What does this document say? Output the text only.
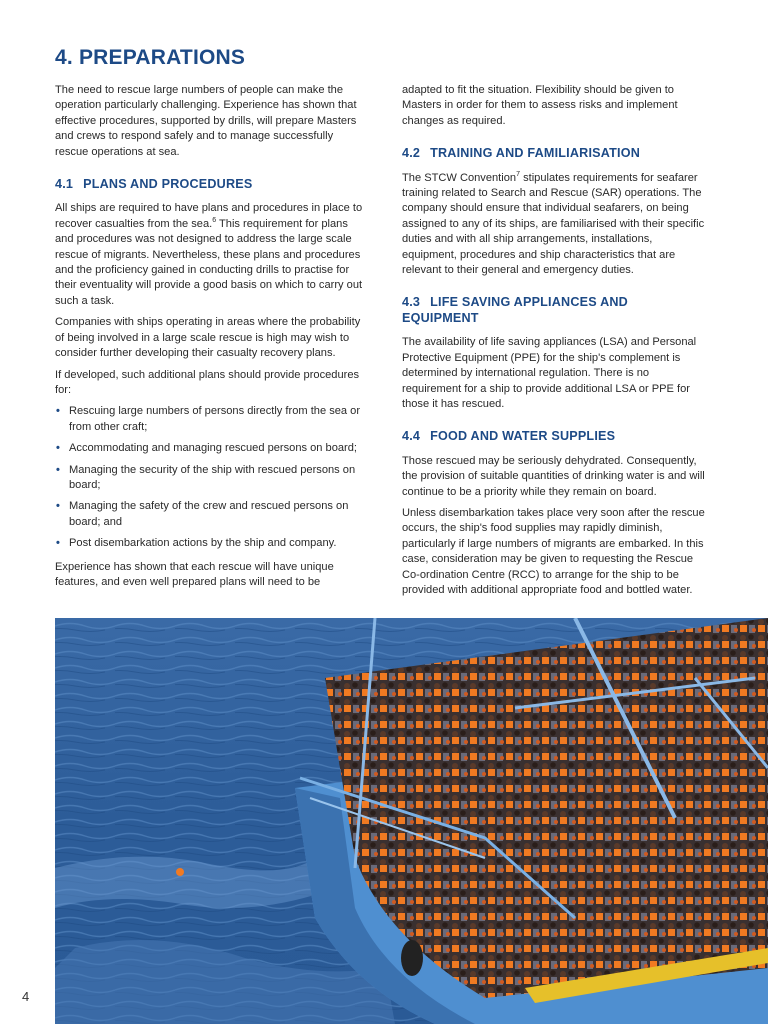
4. PREPARATIONS

The need to rescue large numbers of people can make the operation particularly challenging. Experience has shown that effective procedures, supported by drills, will prepare Masters and crews to respond safely and to manage successfully rescue operations at sea.

4.1 PLANS AND PROCEDURES

All ships are required to have plans and procedures in place to recover casualties from the sea.$^6$ This requirement for plans and procedures was not designed to address the large scale rescue of migrants. Nevertheless, these plans and procedures and the proficiency gained in conducting drills to practise for their eventuality will provide a good basis on which to carry out such a task.

Companies with ships operating in areas where the probability of being involved in a large scale rescue is high may wish to consider further developing their casualty recovery plans.

If developed, such additional plans should provide procedures for:

• Rescuing large numbers of persons directly from the sea or from other craft;
• Accommodating and managing rescued persons on board;
• Managing the security of the ship with rescued persons on board;
• Managing the safety of the crew and rescued persons on board; and
• Post disembarkation actions by the ship and company.

Experience has shown that each rescue will have unique features, and even well prepared plans will need to be

adapted to fit the situation. Flexibility should be given to Masters in order for them to assess risks and implement changes as required.

4.2 TRAINING AND FAMILIARISATION

The STCW Convention$^7$ stipulates requirements for seafarer training related to Search and Rescue (SAR) operations. The company should ensure that individual seafarers, on being assigned to any of its ships, are familiarised with their specific duties and with all ship arrangements, installations, equipment, procedures and ship characteristics that are relevant to their general and emergency duties.

4.3 LIFE SAVING APPLIANCES AND EQUIPMENT

The availability of life saving appliances (LSA) and Personal Protective Equipment (PPE) for the ship's complement is determined by international regulation. There is no requirement for a ship to provide additional LSA or PPE for those it has rescued.

4.4 FOOD AND WATER SUPPLIES

Those rescued may be seriously dehydrated. Consequently, the provision of suitable quantities of drinking water is and will continue to be a priority while they remain on board.

Unless disembarkation takes place very soon after the rescue occurs, the ship's food supplies may rapidly diminish, particularly if large numbers of migrants are embarked. In this case, consideration may be given to requesting the Rescue Co-ordination Centre (RCC) to arrange for the ship to be provided with additional appropriate food and bottled water.

4
